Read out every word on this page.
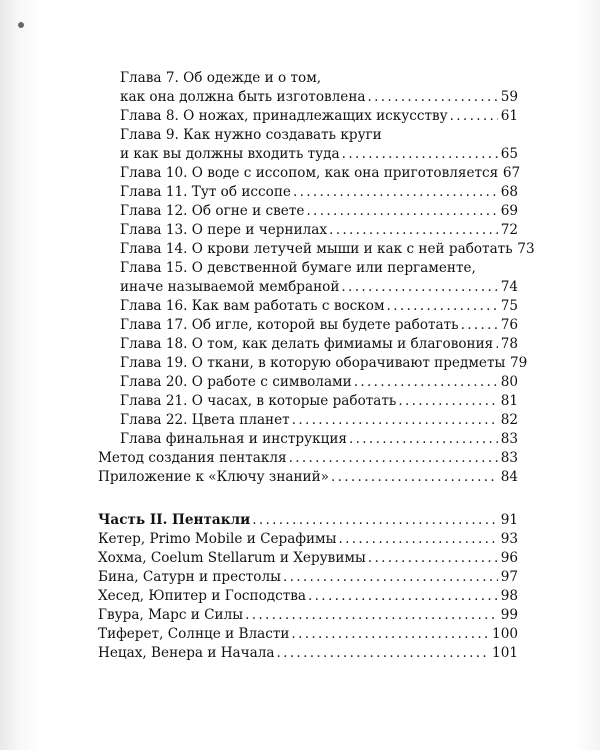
Глава 7. Об одежде и о том,
как она должна быть изготовлена . . .	59
Глава 8. О ножах, принадлежащих искусству . . .	61
Глава 9. Как нужно создавать круги
и как вы должны входить туда . . .	65
Глава 10. О воде с иссопом, как она приготовляется 67
Глава 11. Тут об иссопе . . .	68
Глава 12. Об огне и свете . . .	69
Глава 13. О пере и чернилах . . .	72
Глава 14. О крови летучей мыши и как с ней работать 73
Глава 15. О девственной бумаге или пергаменте,
иначе называемой мембраной . . .	74
Глава 16. Как вам работать с воском . . .	75
Глава 17. Об игле, которой вы будете работать . . .	76
Глава 18. О том, как делать фимиамы и благовония . . . 78
Глава 19. О ткани, в которую оборачивают предметы 79
Глава 20. О работе с символами . . .	80
Глава 21. О часах, в которые работать . . .	81
Глава 22. Цвета планет . . .	82
Глава финальная и инструкция . . .	83
Метод создания пентакля . . .	83
Приложение к «Ключу знаний» . . .	84
Часть II. Пентакли . . .	91
Кетер, Primo Mobile и Серафимы . . .	93
Хохма, Coelum Stellarum и Херувимы . . .	96
Бина, Сатурн и престолы . . .	97
Хесед, Юпитер и Господства . . .	98
Гвура, Марс и Силы . . .	99
Тиферет, Солнце и Власти . . .	100
Нецах, Венера и Начала . . .	101
